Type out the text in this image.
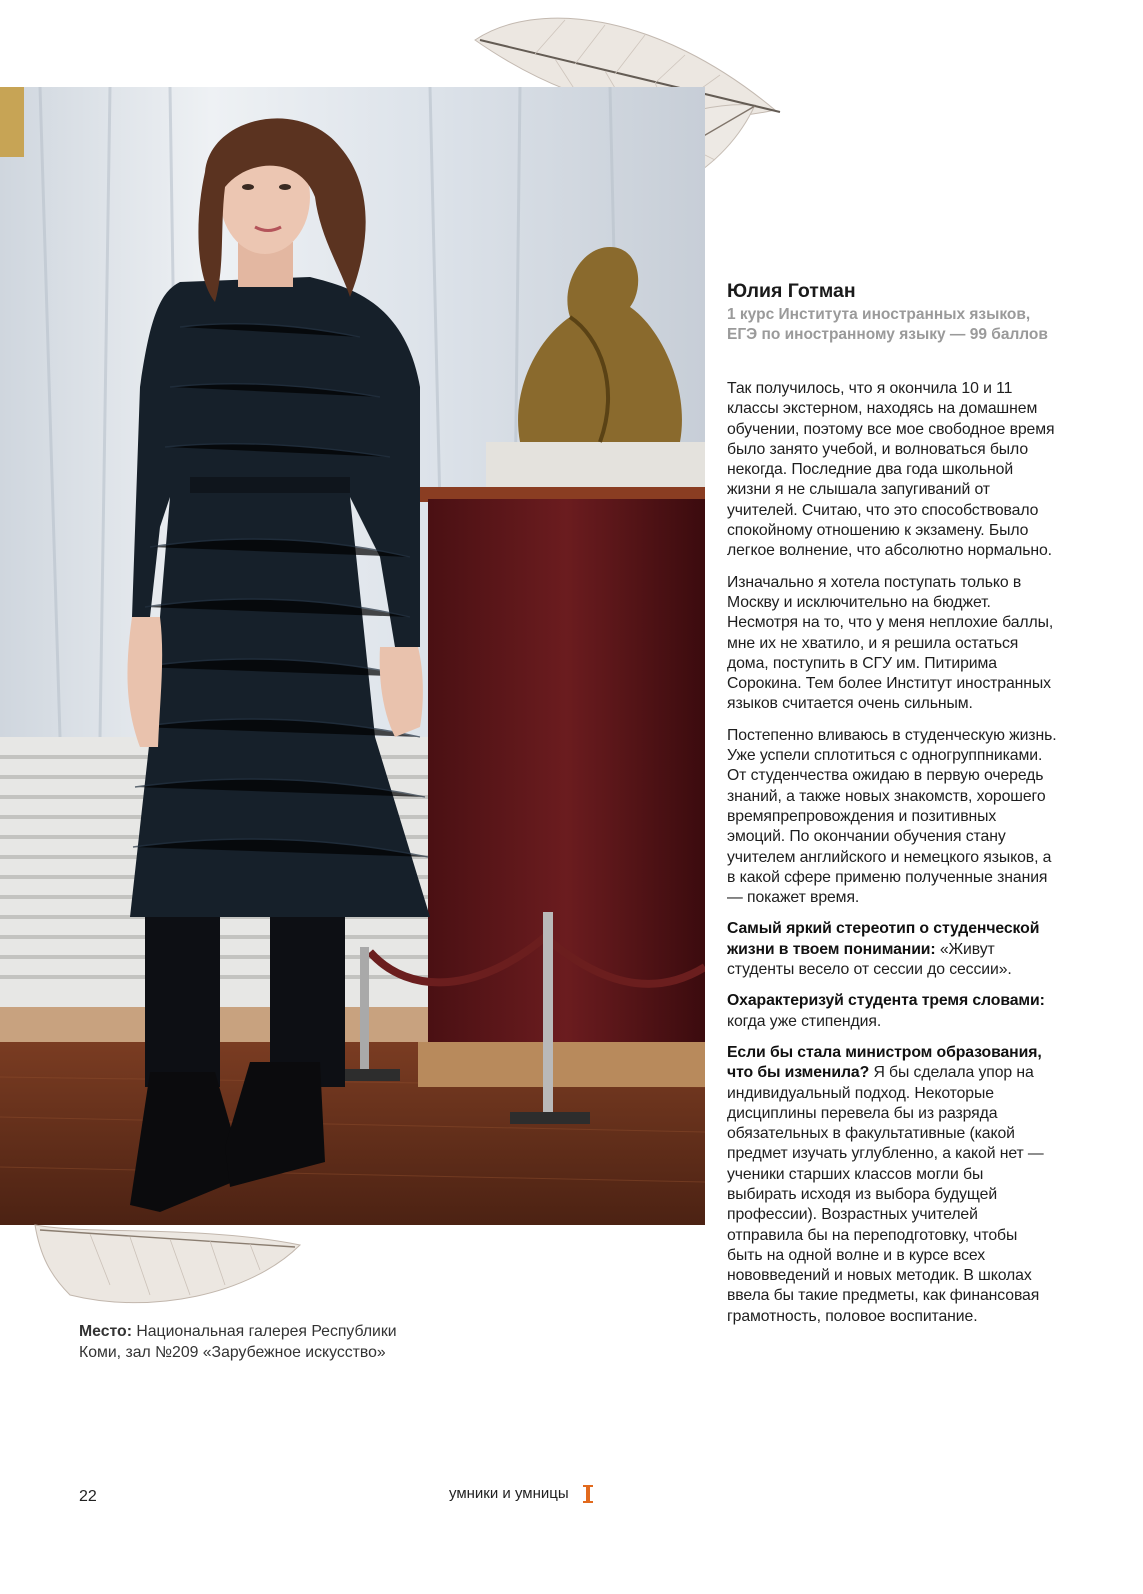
Юлия Готман

1 курс Института иностранных языков, ЕГЭ по иностранному языку — 99 баллов

Так получилось, что я окончила 10 и 11 классы экстерном, находясь на домашнем обучении, поэтому все мое свободное время было занято учебой, и волноваться было некогда. Последние два года школьной жизни я не слышала запугиваний от учителей. Считаю, что это способствовало спокойному отношению к экзамену. Было легкое волнение, что абсолютно нормально.

Изначально я хотела поступать только в Москву и исключительно на бюджет. Несмотря на то, что у меня неплохие баллы, мне их не хватило, и я решила остаться дома, поступить в СГУ им. Питирима Сорокина. Тем более Институт иностранных языков считается очень сильным.

Постепенно вливаюсь в студенческую жизнь. Уже успели сплотиться с одногруппниками. От студенчества ожидаю в первую очередь знаний, а также новых знакомств, хорошего времяпрепровождения и позитивных эмоций. По окончании обучения стану учителем английского и немецкого языков, а в какой сфере применю полученные знания — покажет время.

Самый яркий стереотип о студенческой жизни в твоем понимании: «Живут студенты весело от сессии до сессии».

Охарактеризуй студента тремя словами: когда уже стипендия.

Если бы стала министром образования, что бы изменила? Я бы сделала упор на индивидуальный подход. Некоторые дисциплины перевела бы из разряда обязательных в факультативные (какой предмет изучать углубленно, а какой нет — ученики старших классов могли бы выбирать исходя из выбора будущей профессии). Возрастных учителей отправила бы на переподготовку, чтобы быть на одной волне и в курсе всех нововведений и новых методик. В школах ввела бы такие предметы, как финансовая грамотность, половое воспитание.

Место: Национальная галерея Республики Коми, зал №209 «Зарубежное искусство»
22	умники и умницы
